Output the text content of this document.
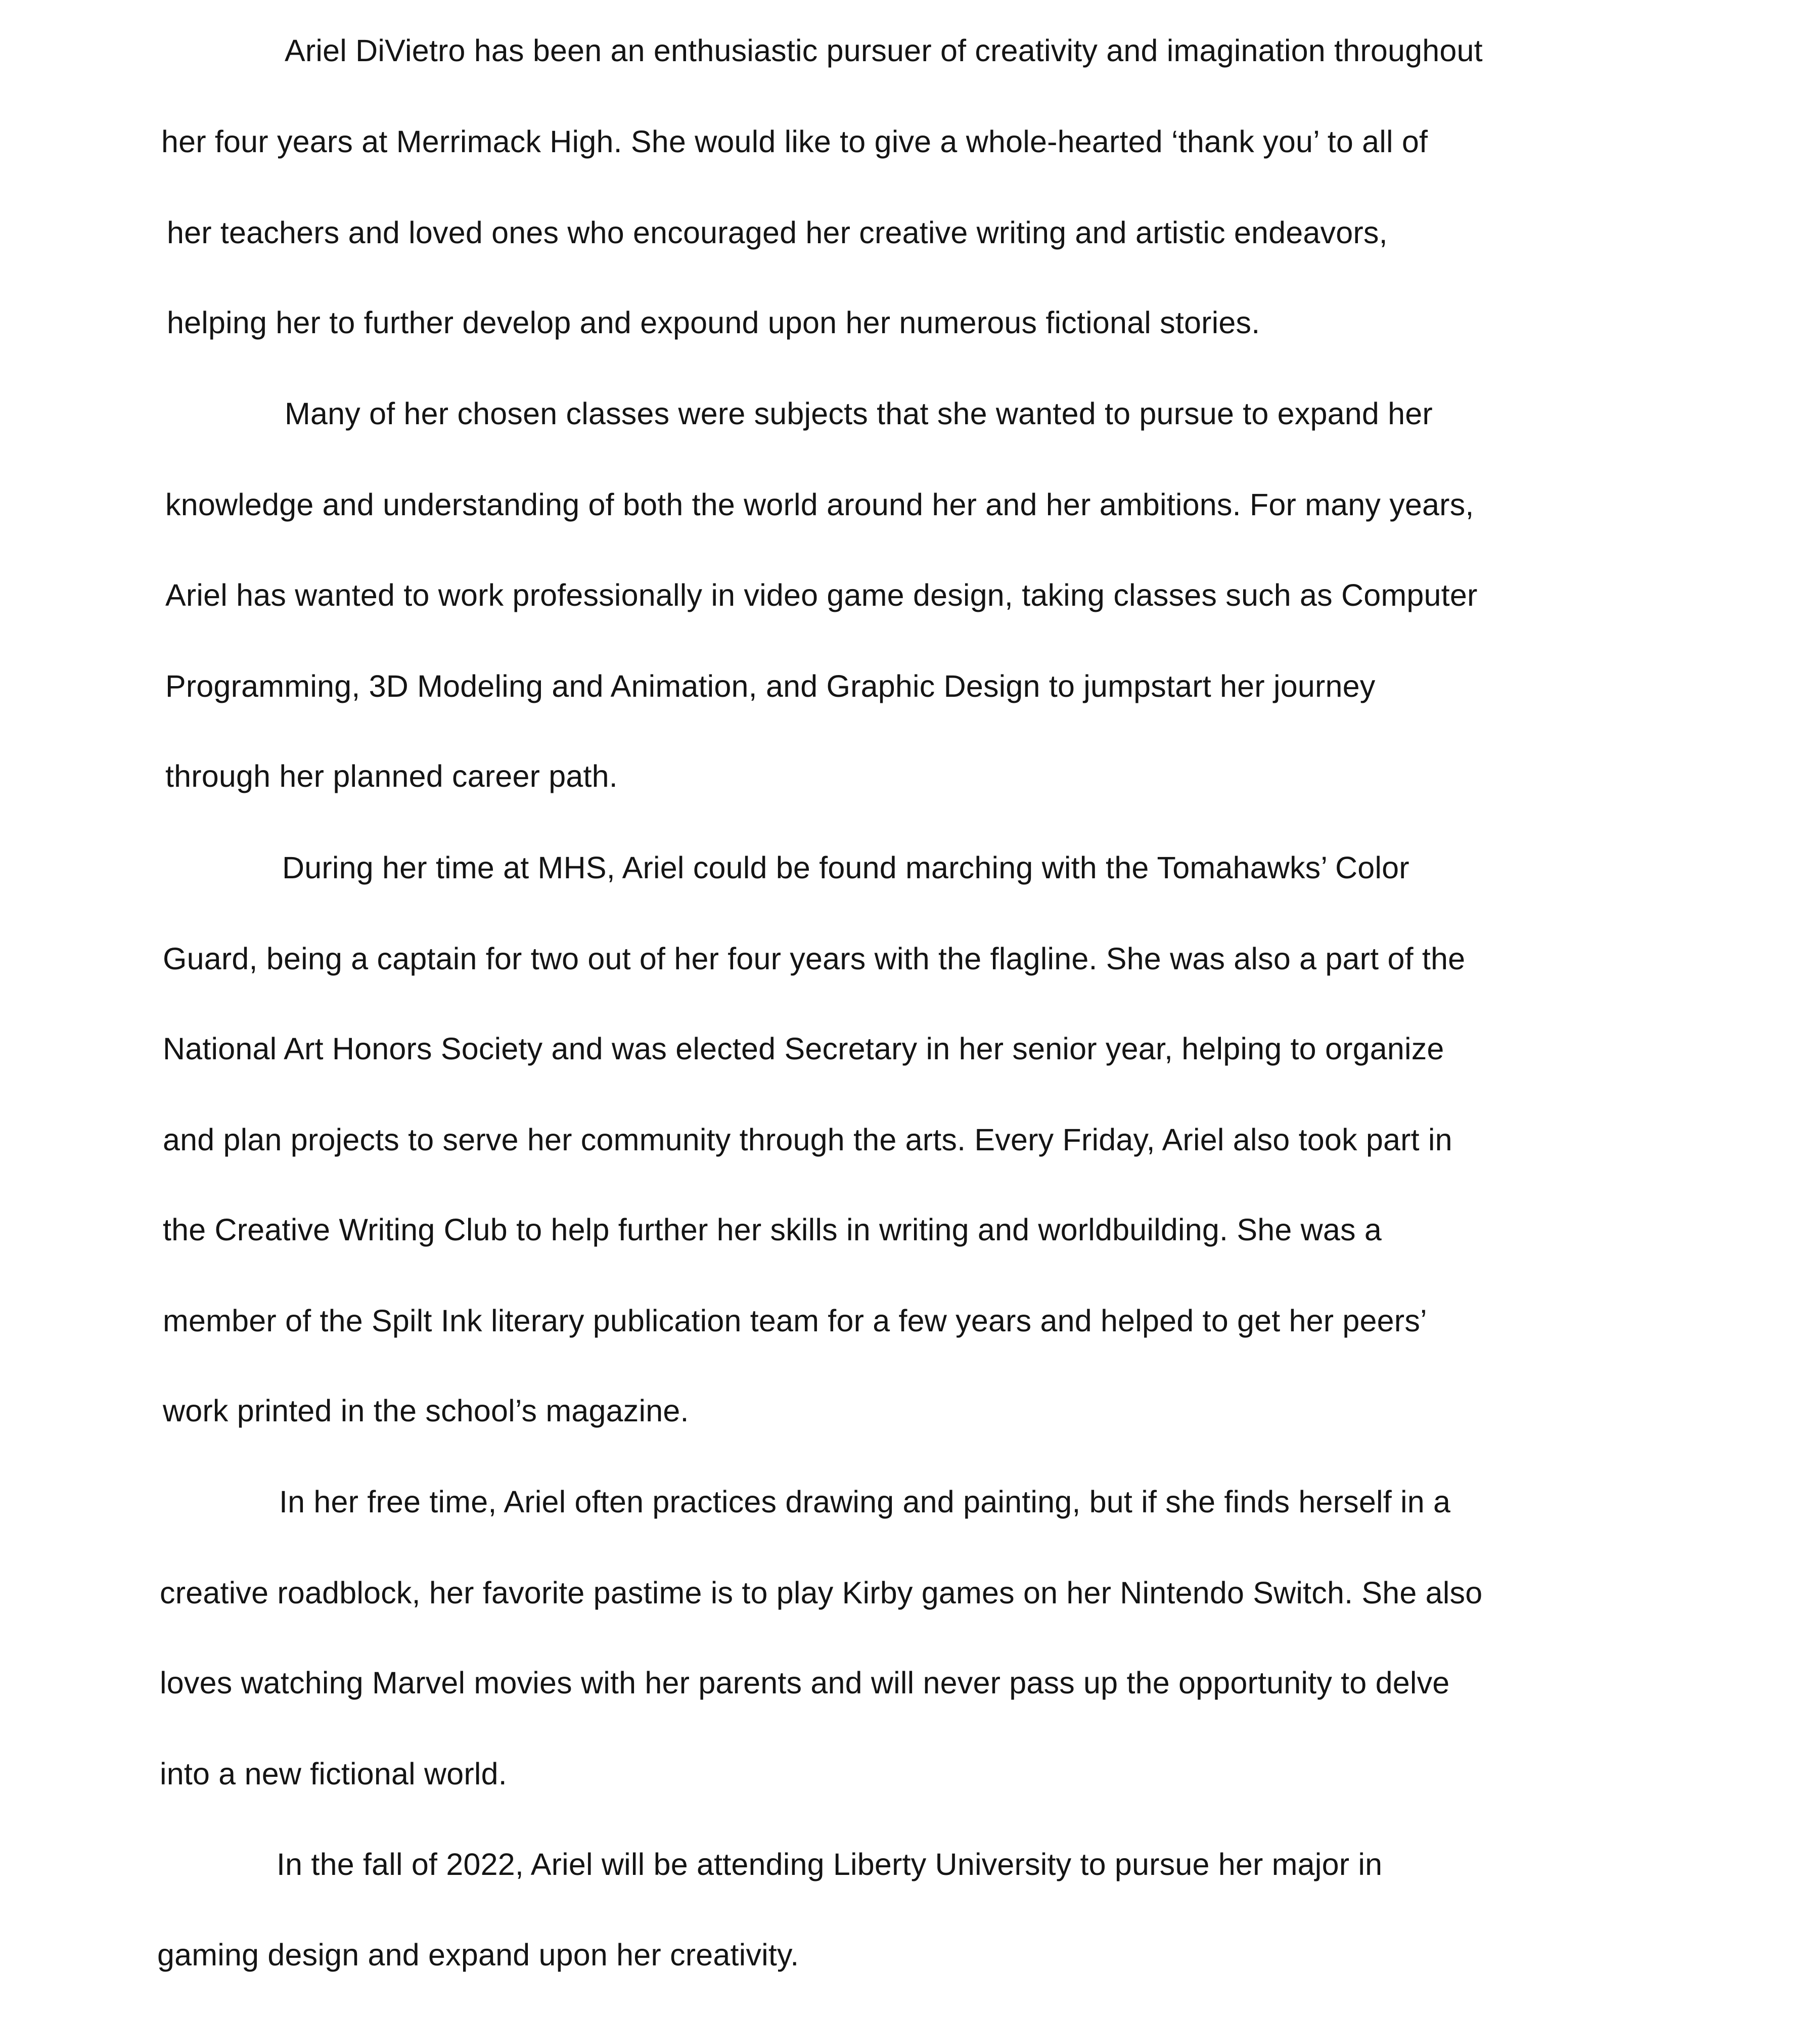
Ariel DiVietro has been an enthusiastic pursuer of creativity and imagination throughout
her four years at Merrimack High. She would like to give a whole-hearted ‘thank you’ to all of
her teachers and loved ones who encouraged her creative writing and artistic endeavors,
helping her to further develop and expound upon her numerous fictional stories.
Many of her chosen classes were subjects that she wanted to pursue to expand her
knowledge and understanding of both the world around her and her ambitions. For many years,
Ariel has wanted to work professionally in video game design, taking classes such as Computer
Programming, 3D Modeling and Animation, and Graphic Design to jumpstart her journey
through her planned career path.
During her time at MHS, Ariel could be found marching with the Tomahawks’ Color
Guard, being a captain for two out of her four years with the flagline. She was also a part of the
National Art Honors Society and was elected Secretary in her senior year, helping to organize
and plan projects to serve her community through the arts. Every Friday, Ariel also took part in
the Creative Writing Club to help further her skills in writing and worldbuilding. She was a
member of the Spilt Ink literary publication team for a few years and helped to get her peers’
work printed in the school’s magazine.
In her free time, Ariel often practices drawing and painting, but if she finds herself in a
creative roadblock, her favorite pastime is to play Kirby games on her Nintendo Switch. She also
loves watching Marvel movies with her parents and will never pass up the opportunity to delve
into a new fictional world.
In the fall of 2022, Ariel will be attending Liberty University to pursue her major in
gaming design and expand upon her creativity.
